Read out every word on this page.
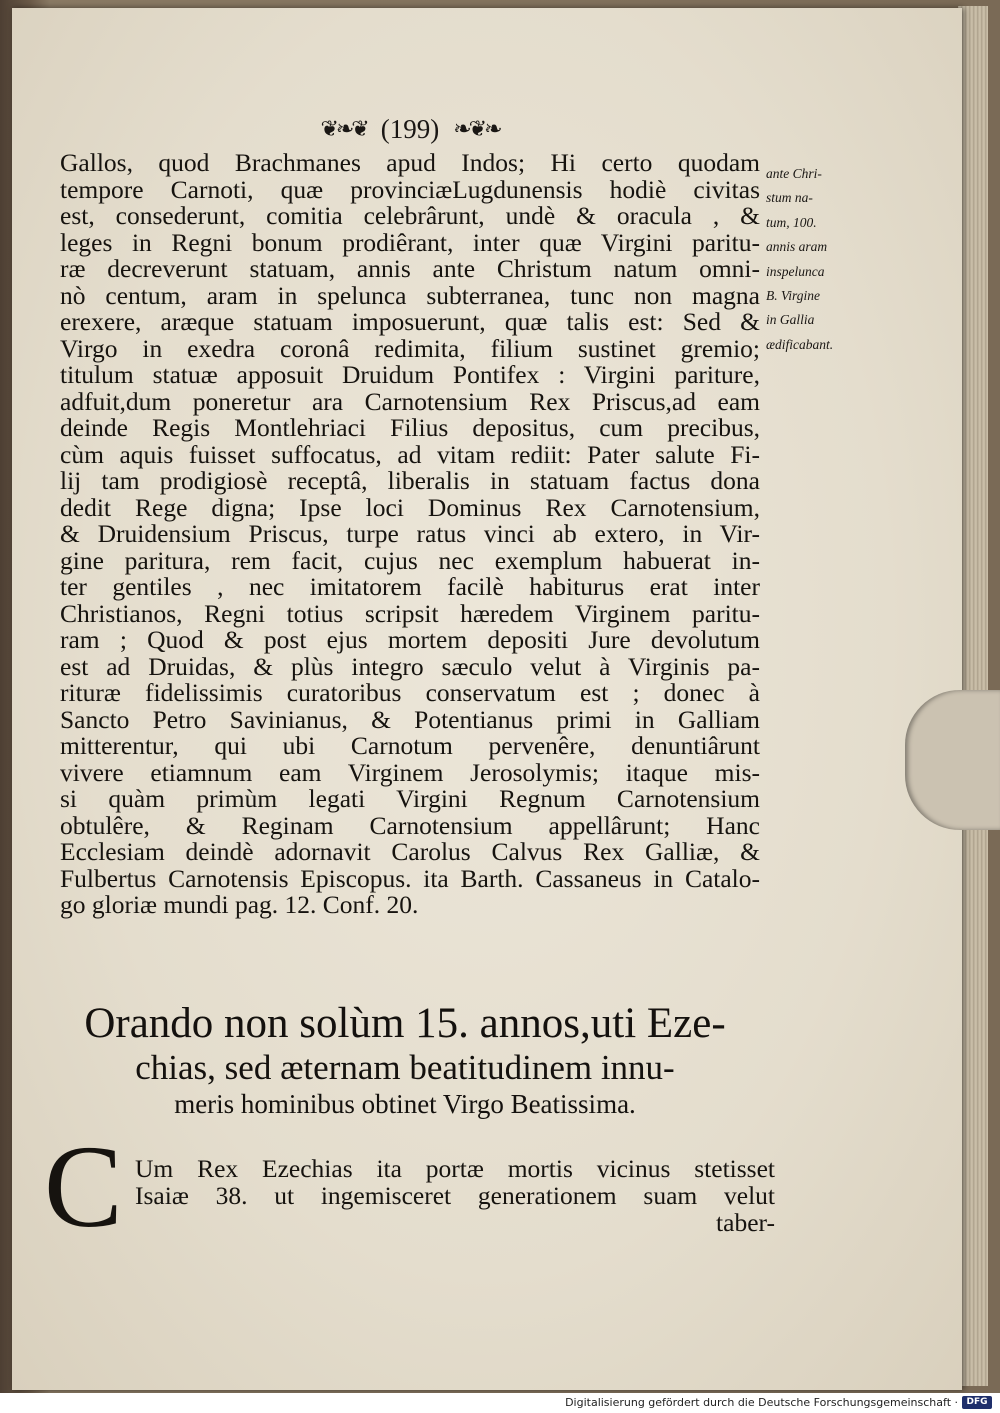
❦❧❦ (199) ❧❦❧
Gallos, quod Brachmanes apud Indos; Hi certo quodam
tempore Carnoti, quæ provinciæLugdunensis hodiè civitas
est, consederunt, comitia celebrârunt, undè & oracula , &
leges in Regni bonum prodiêrant, inter quæ Virgini paritu-
ræ decreverunt statuam, annis ante Christum natum omni-
nò centum, aram in spelunca subterranea, tunc non magna
erexere, aræque statuam imposuerunt, quæ talis est: Sed &
Virgo in exedra coronâ redimita, filium sustinet gremio;
titulum statuæ apposuit Druidum Pontifex : Virgini pariture,
adfuit,dum poneretur ara Carnotensium Rex Priscus,ad eam
deinde Regis Montlehriaci Filius depositus, cum precibus,
cùm aquis fuisset suffocatus, ad vitam rediit: Pater salute Fi-
lij tam prodigiosè receptâ, liberalis in statuam factus dona
dedit Rege digna; Ipse loci Dominus Rex Carnotensium,
& Druidensium Priscus, turpe ratus vinci ab extero, in Vir-
gine paritura, rem facit, cujus nec exemplum habuerat in-
ter gentiles , nec imitatorem facilè habiturus erat inter
Christianos, Regni totius scripsit hæredem Virginem paritu-
ram ; Quod & post ejus mortem depositi Jure devolutum
est ad Druidas, & plùs integro sæculo velut à Virginis pa-
rituræ fidelissimis curatoribus conservatum est ; donec à
Sancto Petro Savinianus, & Potentianus primi in Galliam
mitterentur, qui ubi Carnotum pervenêre, denuntiârunt
vivere etiamnum eam Virginem Jerosolymis; itaque mis-
si quàm primùm legati Virgini Regnum Carnotensium
obtulêre, & Reginam Carnotensium appellârunt; Hanc
Ecclesiam deindè adornavit Carolus Calvus Rex Galliæ, &
Fulbertus Carnotensis Episcopus. ita Barth. Cassaneus in Catalo-
go gloriæ mundi pag. 12. Conf. 20.
ante Chri-
stum na-
tum, 100.
annis aram
inspelunca
B. Virgine
in Gallia
ædificabant.
Orando non solùm 15. annos,uti Eze-
chias, sed æternam beatitudinem innu-
meris hominibus obtinet Virgo Beatissima.
C Um Rex Ezechias ita portæ mortis vicinus stetisset
Isaiæ 38. ut ingemisceret generationem suam velut
taber-
Digitalisierung gefördert durch die Deutsche Forschungsgemeinschaft · DFG
